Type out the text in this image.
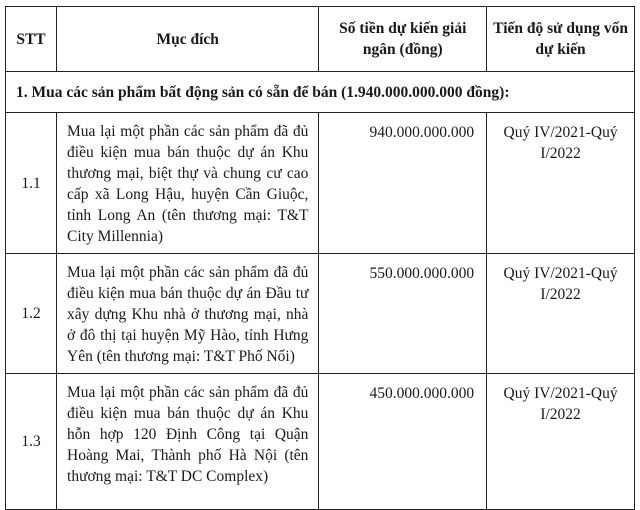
STT	Mục đích	Số tiền dự kiến giải ngân (đồng)	Tiến độ sử dụng vốn dự kiến
1. Mua các sản phẩm bất động sản có sẵn để bán (1.940.000.000.000 đồng):			
1.1	Mua lại một phần các sản phẩm đã đủ điều kiện mua bán thuộc dự án Khu thương mại, biệt thự và chung cư cao cấp xã Long Hậu, huyện Cần Giuộc, tỉnh Long An (tên thương mại: T&T City Millennia)	940.000.000.000	Quý IV/2021-Quý I/2022
1.2	Mua lại một phần các sản phẩm đã đủ điều kiện mua bán thuộc dự án Đầu tư xây dựng Khu nhà ở thương mại, nhà ở đô thị tại huyện Mỹ Hào, tỉnh Hưng Yên (tên thương mại: T&T Phố Nối)	550.000.000.000	Quý IV/2021-Quý I/2022
1.3	Mua lại một phần các sản phẩm đã đủ điều kiện mua bán thuộc dự án Khu hỗn hợp 120 Định Công tại Quận Hoàng Mai, Thành phố Hà Nội (tên thương mại: T&T DC Complex)	450.000.000.000	Quý IV/2021-Quý I/2022
